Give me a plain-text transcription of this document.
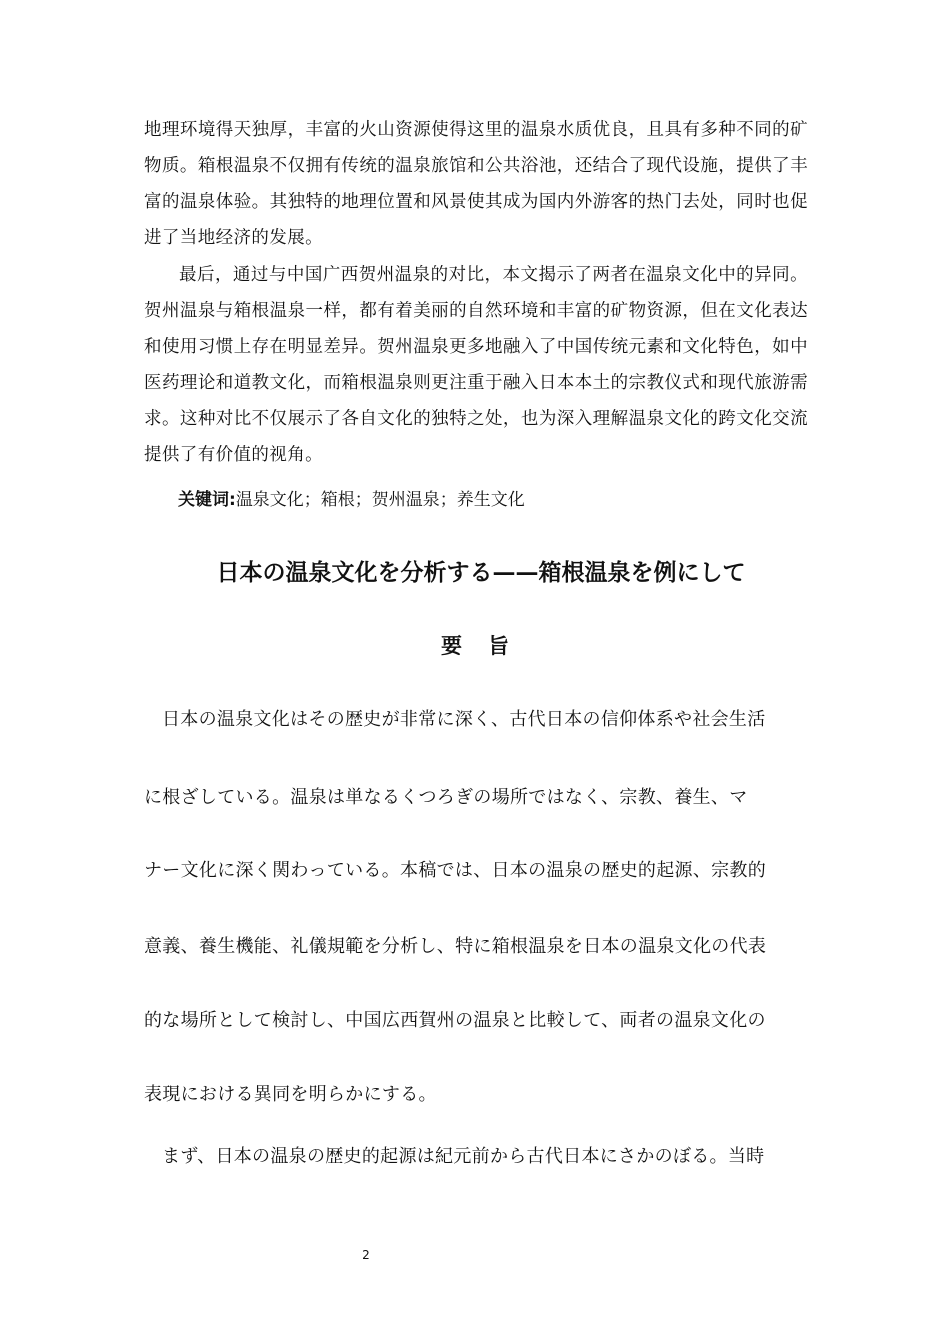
地理环境得天独厚，丰富的火山资源使得这里的温泉水质优良，且具有多种不同的矿物质。箱根温泉不仅拥有传统的温泉旅馆和公共浴池，还结合了现代设施，提供了丰富的温泉体验。其独特的地理位置和风景使其成为国内外游客的热门去处，同时也促进了当地经济的发展。

最后，通过与中国广西贺州温泉的对比，本文揭示了两者在温泉文化中的异同。贺州温泉与箱根温泉一样，都有着美丽的自然环境和丰富的矿物资源，但在文化表达和使用习惯上存在明显差异。贺州温泉更多地融入了中国传统元素和文化特色，如中医药理论和道教文化，而箱根温泉则更注重于融入日本本土的宗教仪式和现代旅游需求。这种对比不仅展示了各自文化的独特之处，也为深入理解温泉文化的跨文化交流提供了有价值的视角。

关键词:温泉文化；箱根；贺州温泉；养生文化

日本の温泉文化を分析する——箱根温泉を例にして
要旨

日本の温泉文化はその歴史が非常に深く、古代日本の信仰体系や社会生活

に根ざしている。温泉は単なるくつろぎの場所ではなく、宗教、養生、マ

ナー文化に深く関わっている。本稿では、日本の温泉の歴史的起源、宗教的

意義、養生機能、礼儀規範を分析し、特に箱根温泉を日本の温泉文化の代表

的な場所として検討し、中国広西賀州の温泉と比較して、両者の温泉文化の

表現における異同を明らかにする。

まず、日本の温泉の歴史的起源は紀元前から古代日本にさかのぼる。当時

2
